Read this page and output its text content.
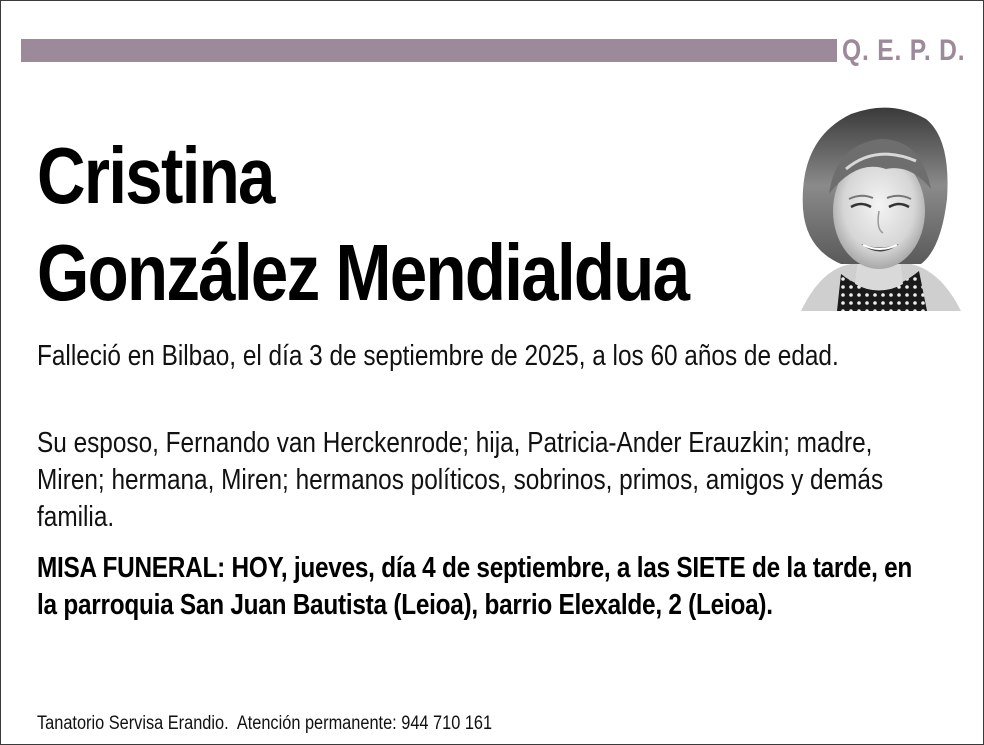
Q. E. P. D.
Cristina
González Mendialdua
Falleció en Bilbao, el día 3 de septiembre de 2025, a los 60 años de edad.
Su esposo, Fernando van Herckenrode; hija, Patricia-Ander Erauzkin; madre, Miren; hermana, Miren; hermanos políticos, sobrinos, primos, amigos y demás familia.
MISA FUNERAL: HOY, jueves, día 4 de septiembre, a las SIETE de la tarde, en la parroquia San Juan Bautista (Leioa), barrio Elexalde, 2 (Leioa).
Tanatorio Servisa Erandio.  Atención permanente: 944 710 161
